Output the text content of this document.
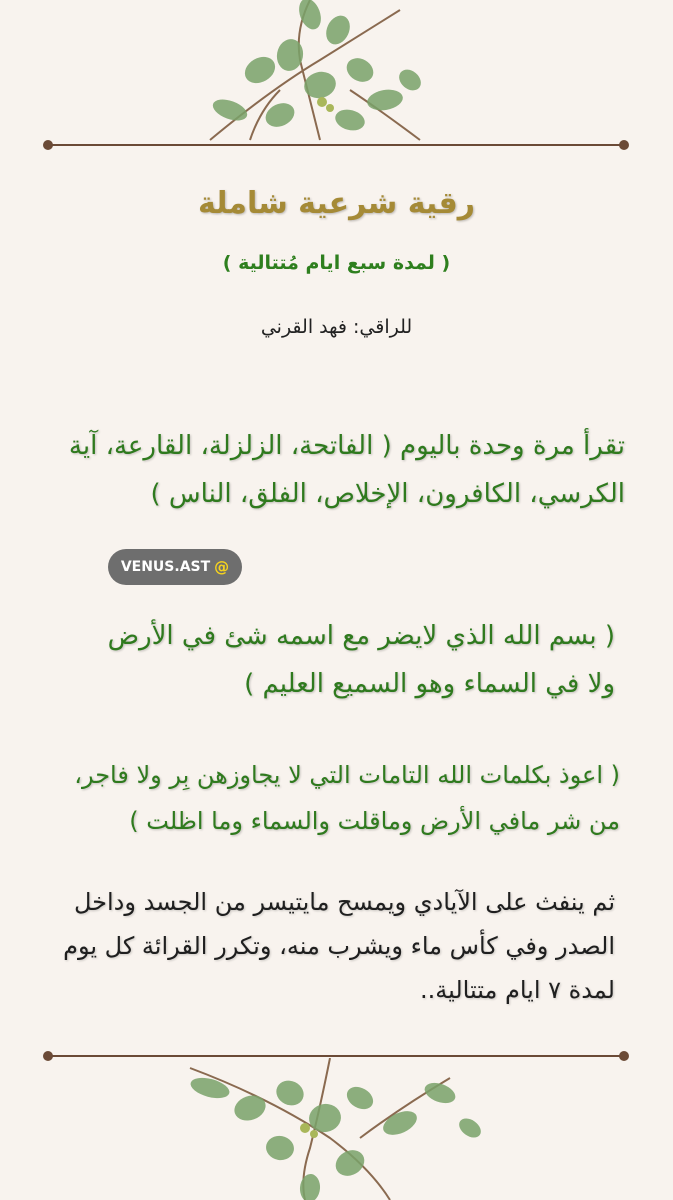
رقية شرعية شاملة
( لمدة سبع ايام مُتتالية )
للراقي: فهد القرني
تقرأ مرة وحدة باليوم ( الفاتحة، الزلزلة، القارعة، آية الكرسي، الكافرون، الإخلاص، الفلق، الناس )
VENUS.AST @
( بسم الله الذي لايضر مع اسمه شئ في الأرض ولا في السماء وهو السميع العليم )
( اعوذ بكلمات الله التامات التي لا يجاوزهن بِر ولا فاجر، من شر مافي الأرض وماقلت والسماء وما اظلت )
ثم ينفث على الآيادي ويمسح مايتيسر من الجسد وداخل الصدر وفي كأس ماء ويشرب منه، وتكرر القرائة كل يوم لمدة ٧ ايام متتالية..
